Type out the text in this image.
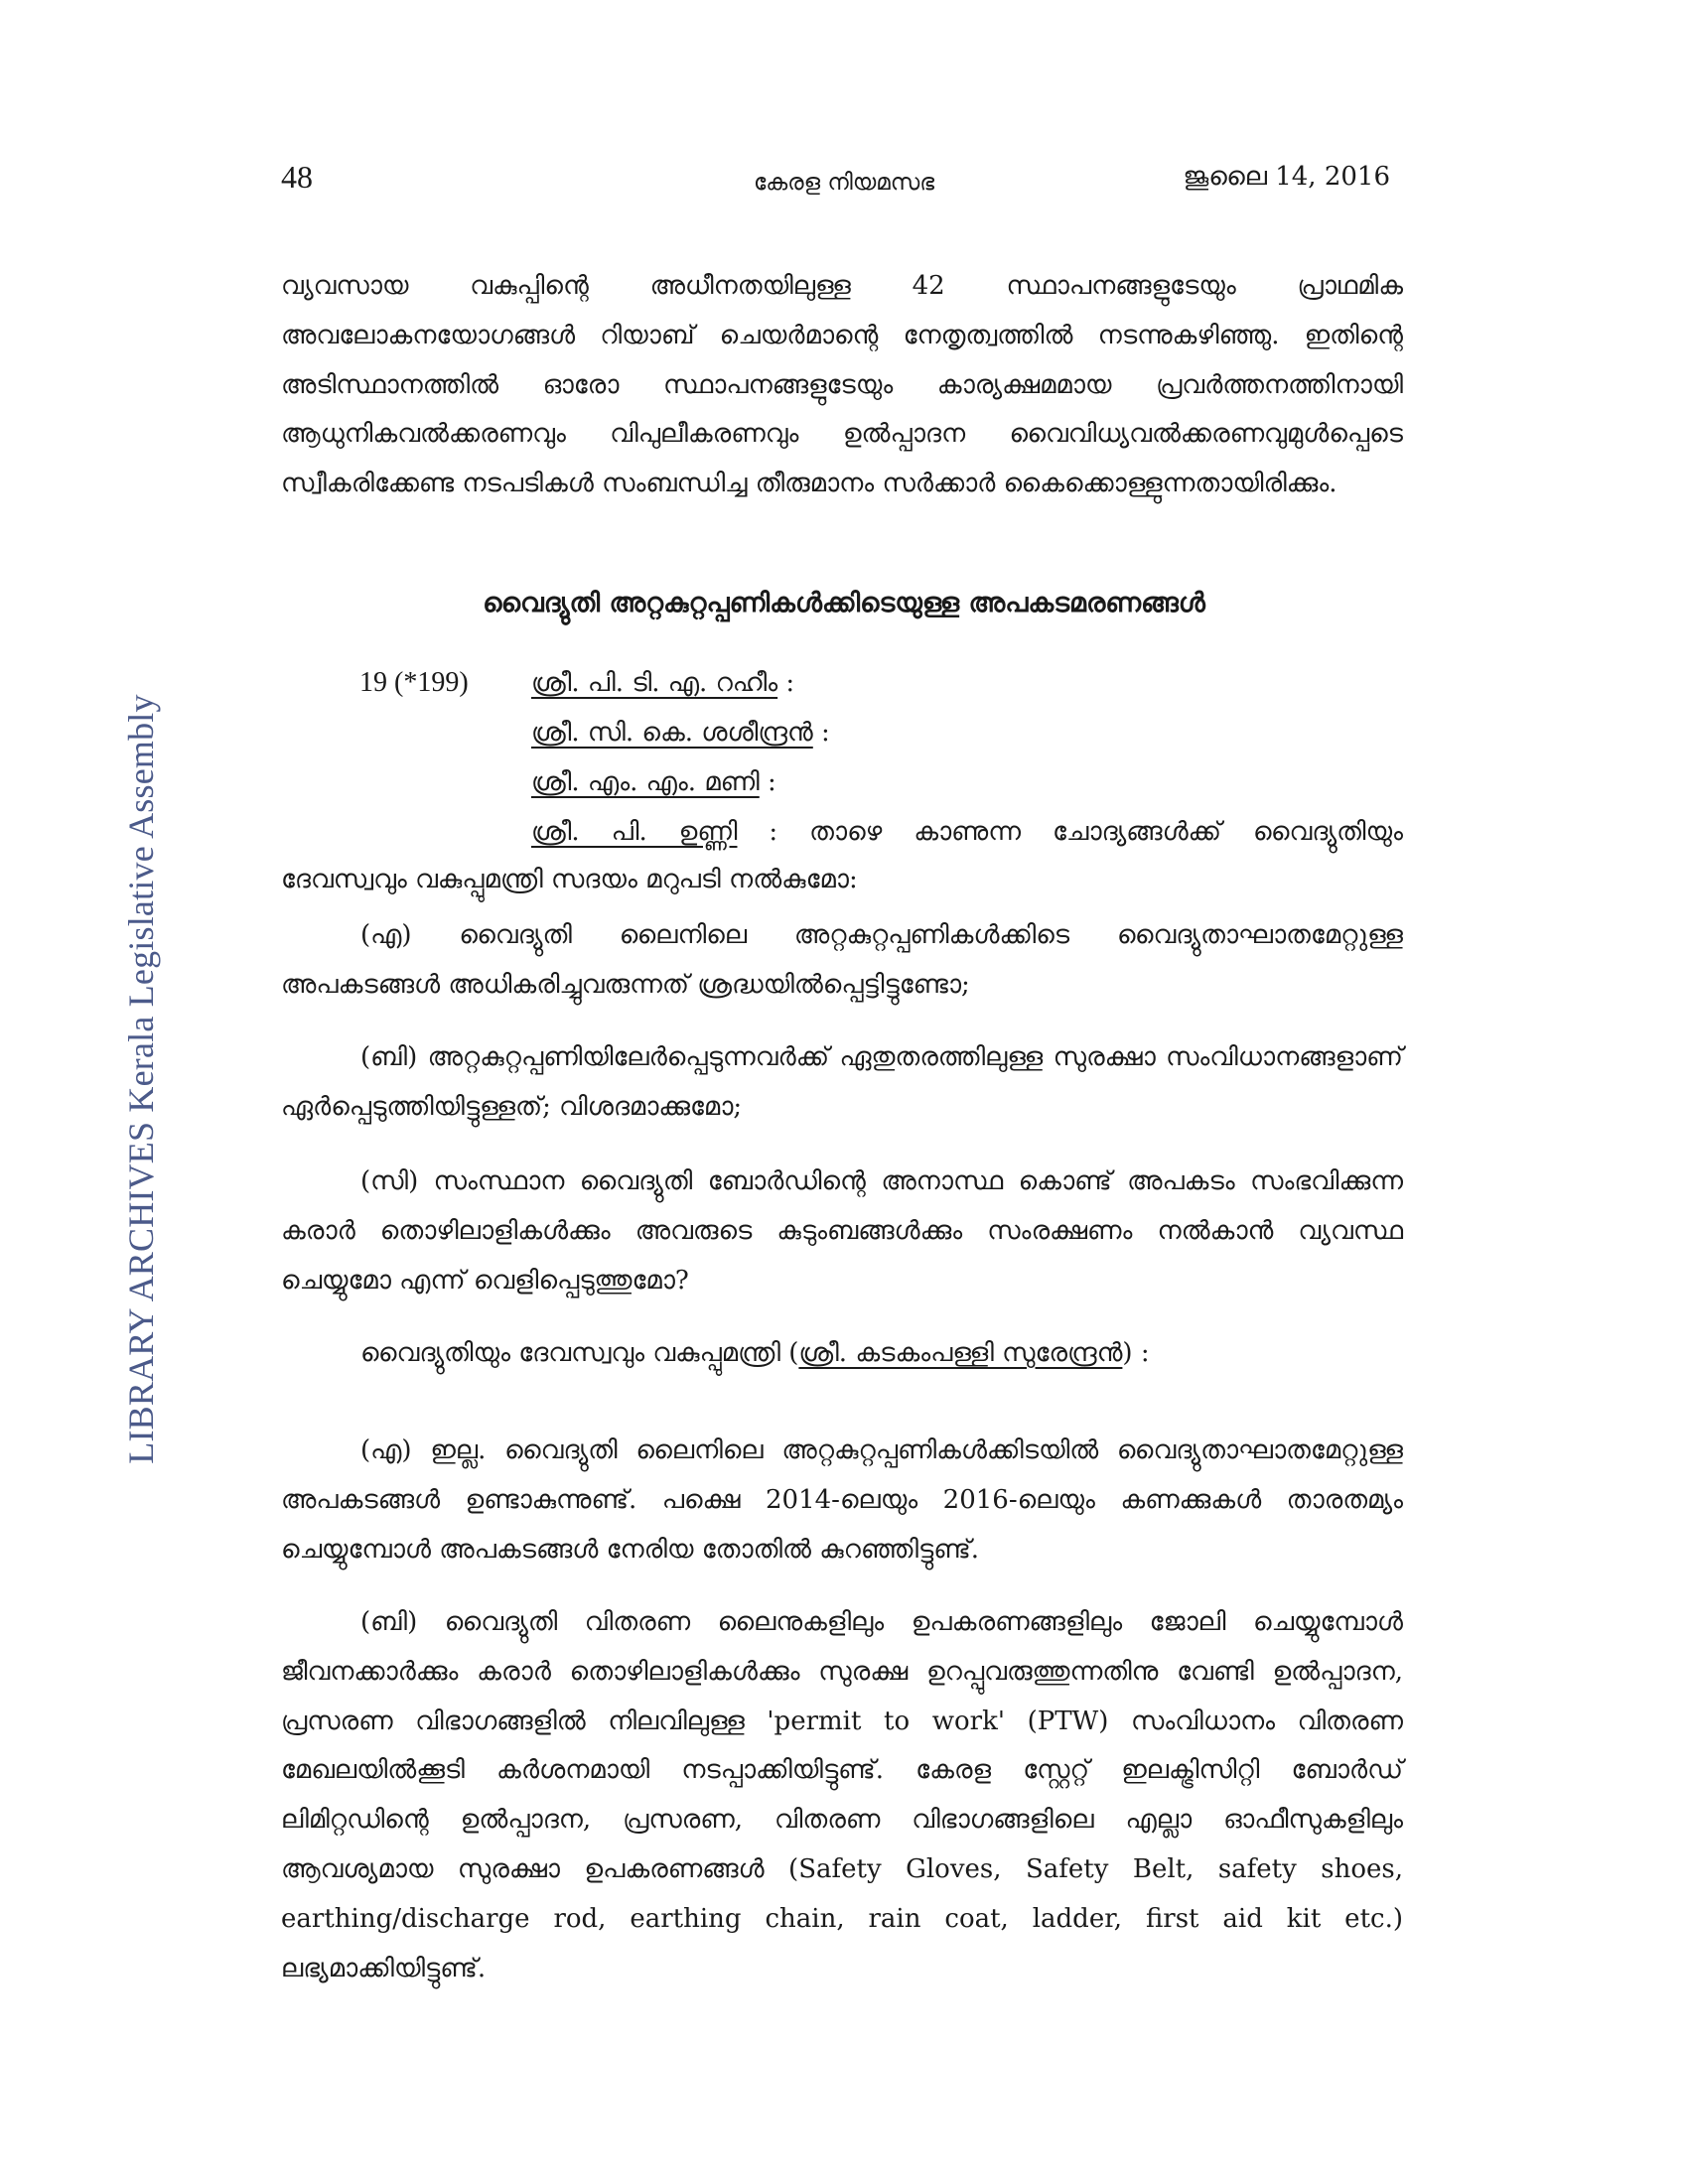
48	കേരള നിയമസഭ	ജൂലൈ 14, 2016
LIBRARY ARCHIVES Kerala Legislative Assembly
വ്യവസായ വകുപ്പിന്റെ അധീനതയിലുള്ള 42 സ്ഥാപനങ്ങളുടേയും പ്രാഥമിക അവലോകനയോഗങ്ങൾ റിയാബ് ചെയർമാന്റെ നേതൃത്വത്തിൽ നടന്നുകഴിഞ്ഞു. ഇതിന്റെ അടിസ്ഥാനത്തിൽ ഓരോ സ്ഥാപനങ്ങളുടേയും കാര്യക്ഷമമായ പ്രവർത്തനത്തിനായി ആധുനികവൽക്കരണവും വിപുലീകരണവും ഉൽപ്പാദന വൈവിധ്യവൽക്കരണവുമുൾപ്പെടെ സ്വീകരിക്കേണ്ട നടപടികൾ സംബന്ധിച്ച തീരുമാനം സർക്കാർ കൈക്കൊള്ളുന്നതായിരിക്കും.
വൈദ്യുതി അറ്റകുറ്റപ്പണികൾക്കിടെയുള്ള അപകടമരണങ്ങൾ
19 (*199) ശ്രീ. പി. ടി. എ. റഹീം :
ശ്രീ. സി. കെ. ശശീന്ദ്രൻ :
ശ്രീ. എം. എം. മണി :
ശ്രീ. പി. ഉണ്ണി : താഴെ കാണുന്ന ചോദ്യങ്ങൾക്ക് വൈദ്യുതിയും
ദേവസ്വവും വകുപ്പുമന്ത്രി സദയം മറുപടി നൽകുമോ:
(എ) വൈദ്യുതി ലൈനിലെ അറ്റകുറ്റപ്പണികൾക്കിടെ വൈദ്യുതാഘാതമേറ്റുള്ള അപകടങ്ങൾ അധികരിച്ചുവരുന്നത് ശ്രദ്ധയിൽപ്പെട്ടിട്ടുണ്ടോ;
(ബി) അറ്റകുറ്റപ്പണിയിലേർപ്പെടുന്നവർക്ക് ഏതുതരത്തിലുള്ള സുരക്ഷാ സംവിധാനങ്ങളാണ് ഏർപ്പെടുത്തിയിട്ടുള്ളത്; വിശദമാക്കുമോ;
(സി) സംസ്ഥാന വൈദ്യുതി ബോർഡിന്റെ അനാസ്ഥ കൊണ്ട് അപകടം സംഭവിക്കുന്ന കരാർ തൊഴിലാളികൾക്കും അവരുടെ കുടുംബങ്ങൾക്കും സംരക്ഷണം നൽകാൻ വ്യവസ്ഥ ചെയ്യുമോ എന്ന് വെളിപ്പെടുത്തുമോ?
വൈദ്യുതിയും ദേവസ്വവും വകുപ്പുമന്ത്രി (ശ്രീ. കടകംപള്ളി സുരേന്ദ്രൻ) :
(എ) ഇല്ല. വൈദ്യുതി ലൈനിലെ അറ്റകുറ്റപ്പണികൾക്കിടയിൽ വൈദ്യുതാഘാതമേറ്റുള്ള അപകടങ്ങൾ ഉണ്ടാകുന്നുണ്ട്. പക്ഷെ 2014-ലെയും 2016-ലെയും കണക്കുകൾ താരതമ്യം ചെയ്യുമ്പോൾ അപകടങ്ങൾ നേരിയ തോതിൽ കുറഞ്ഞിട്ടുണ്ട്.
(ബി) വൈദ്യുതി വിതരണ ലൈനുകളിലും ഉപകരണങ്ങളിലും ജോലി ചെയ്യുമ്പോൾ ജീവനക്കാർക്കും കരാർ തൊഴിലാളികൾക്കും സുരക്ഷ ഉറപ്പുവരുത്തുന്നതിനു വേണ്ടി ഉൽപ്പാദന, പ്രസരണ വിഭാഗങ്ങളിൽ നിലവിലുള്ള 'permit to work' (PTW) സംവിധാനം വിതരണ മേഖലയിൽക്കൂടി കർശനമായി നടപ്പാക്കിയിട്ടുണ്ട്. കേരള സ്റ്റേറ്റ് ഇലക്ട്രിസിറ്റി ബോർഡ് ലിമിറ്റഡിന്റെ ഉൽപ്പാദന, പ്രസരണ, വിതരണ വിഭാഗങ്ങളിലെ എല്ലാ ഓഫീസുകളിലും ആവശ്യമായ സുരക്ഷാ ഉപകരണങ്ങൾ (Safety Gloves, Safety Belt, safety shoes, earthing/discharge rod, earthing chain, rain coat, ladder, first aid kit etc.) ലഭ്യമാക്കിയിട്ടുണ്ട്.
